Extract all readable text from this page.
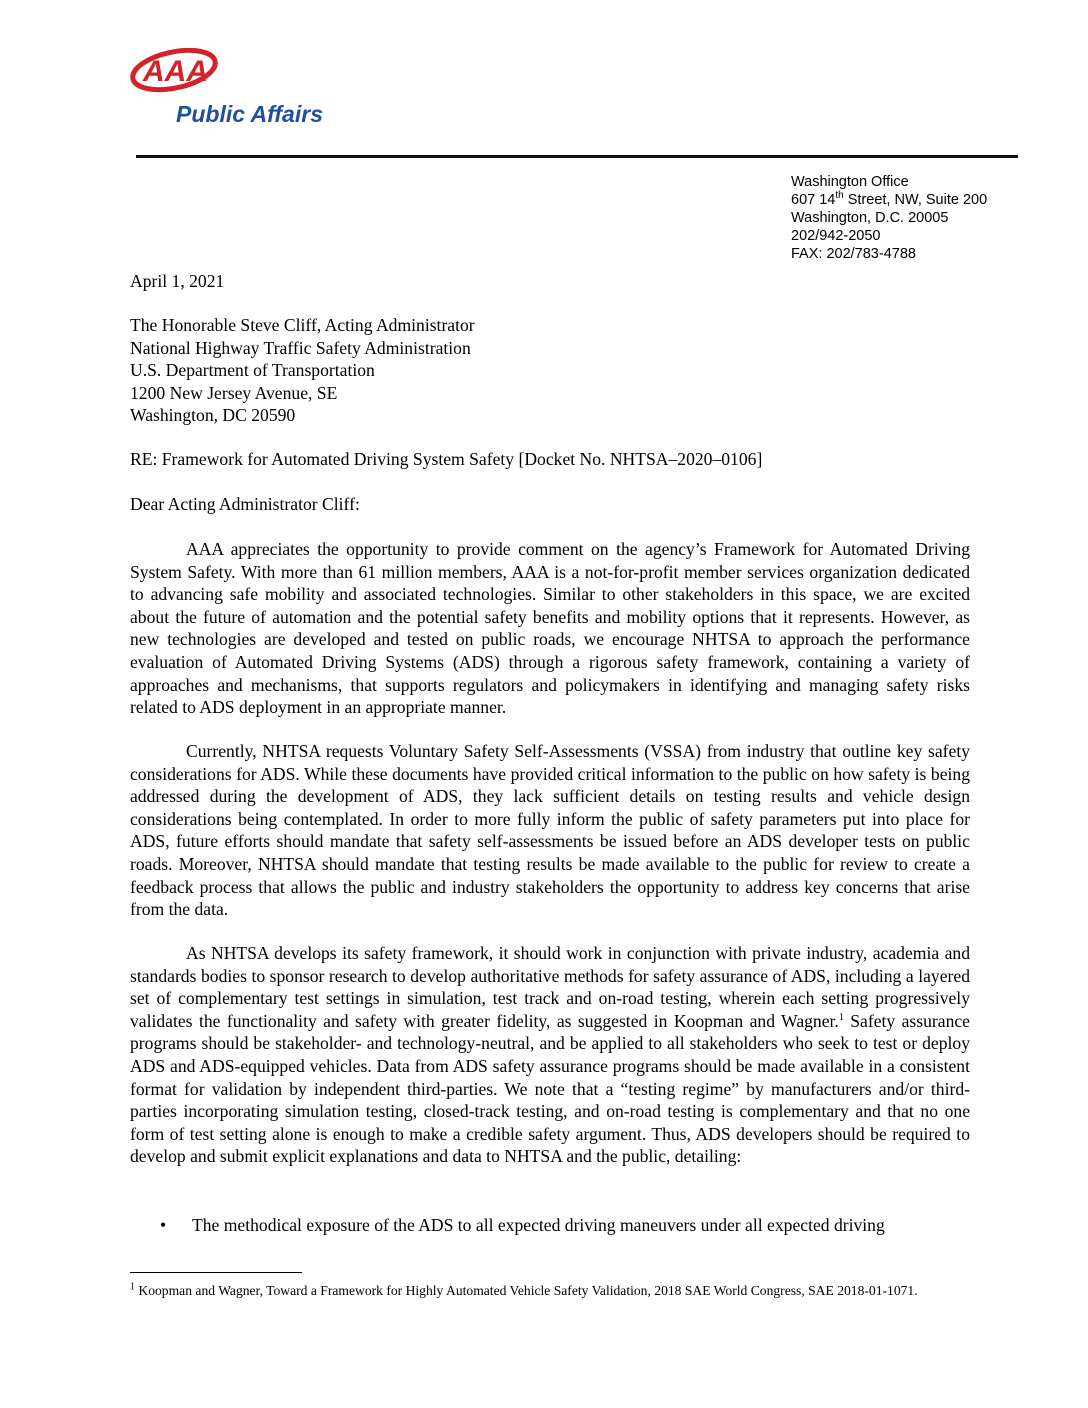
AAA
Public Affairs
Washington Office
607 14th Street, NW, Suite 200
Washington, D.C. 20005
202/942-2050
FAX: 202/783-4788
April 1, 2021
The Honorable Steve Cliff, Acting Administrator
National Highway Traffic Safety Administration
U.S. Department of Transportation
1200 New Jersey Avenue, SE
Washington, DC 20590
RE: Framework for Automated Driving System Safety [Docket No. NHTSA–2020–0106]
Dear Acting Administrator Cliff:

AAA appreciates the opportunity to provide comment on the agency’s Framework for Automated Driving System Safety. With more than 61 million members, AAA is a not-for-profit member services organization dedicated to advancing safe mobility and associated technologies. Similar to other stakeholders in this space, we are excited about the future of automation and the potential safety benefits and mobility options that it represents. However, as new technologies are developed and tested on public roads, we encourage NHTSA to approach the performance evaluation of Automated Driving Systems (ADS) through a rigorous safety framework, containing a variety of approaches and mechanisms, that supports regulators and policymakers in identifying and managing safety risks related to ADS deployment in an appropriate manner.

Currently, NHTSA requests Voluntary Safety Self-Assessments (VSSA) from industry that outline key safety considerations for ADS. While these documents have provided critical information to the public on how safety is being addressed during the development of ADS, they lack sufficient details on testing results and vehicle design considerations being contemplated. In order to more fully inform the public of safety parameters put into place for ADS, future efforts should mandate that safety self-assessments be issued before an ADS developer tests on public roads. Moreover, NHTSA should mandate that testing results be made available to the public for review to create a feedback process that allows the public and industry stakeholders the opportunity to address key concerns that arise from the data.

As NHTSA develops its safety framework, it should work in conjunction with private industry, academia and standards bodies to sponsor research to develop authoritative methods for safety assurance of ADS, including a layered set of complementary test settings in simulation, test track and on-road testing, wherein each setting progressively validates the functionality and safety with greater fidelity, as suggested in Koopman and Wagner.$^1$ Safety assurance programs should be stakeholder- and technology-neutral, and be applied to all stakeholders who seek to test or deploy ADS and ADS-equipped vehicles. Data from ADS safety assurance programs should be made available in a consistent format for validation by independent third-parties. We note that a “testing regime” by manufacturers and/or third-parties incorporating simulation testing, closed-track testing, and on-road testing is complementary and that no one form of test setting alone is enough to make a credible safety argument. Thus, ADS developers should be required to develop and submit explicit explanations and data to NHTSA and the public, detailing:

• The methodical exposure of the ADS to all expected driving maneuvers under all expected driving
$^1$ Koopman and Wagner, Toward a Framework for Highly Automated Vehicle Safety Validation, 2018 SAE World Congress, SAE 2018-01-1071.
